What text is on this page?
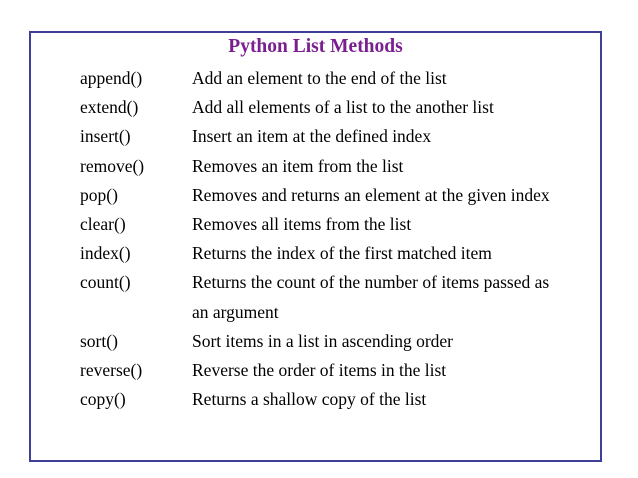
Python List Methods
append()	Add an element to the end of the list
extend()	Add all elements of a list to the another list
insert()	Insert an item at the defined index
remove()	Removes an item from the list
pop()	Removes and returns an element at the given index
clear()	Removes all items from the list
index()	Returns the index of the first matched item
count()	Returns the count of the number of items passed as
an argument
sort()	Sort items in a list in ascending order
reverse()	Reverse the order of items in the list
copy()	Returns a shallow copy of the list
